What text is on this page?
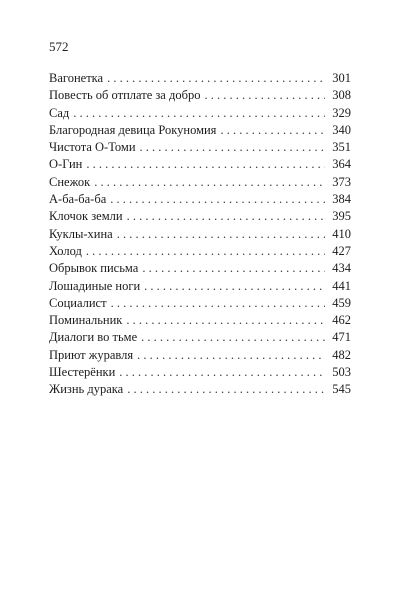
572
Вагонетка . . .	301
Повесть об отплате за добро . . .	308
Сад . . .	329
Благородная девица Рокуномия . . .	340
Чистота О-Томи . . .	351
О-Гин . . .	364
Снежок . . .	373
А-ба-ба-ба . . .	384
Клочок земли . . .	395
Куклы-хина . . .	410
Холод . . .	427
Обрывок письма . . .	434
Лошадиные ноги . . .	441
Социалист . . .	459
Поминальник . . .	462
Диалоги во тьме . . .	471
Приют журавля . . .	482
Шестерёнки . . .	503
Жизнь дурака . . .	545
